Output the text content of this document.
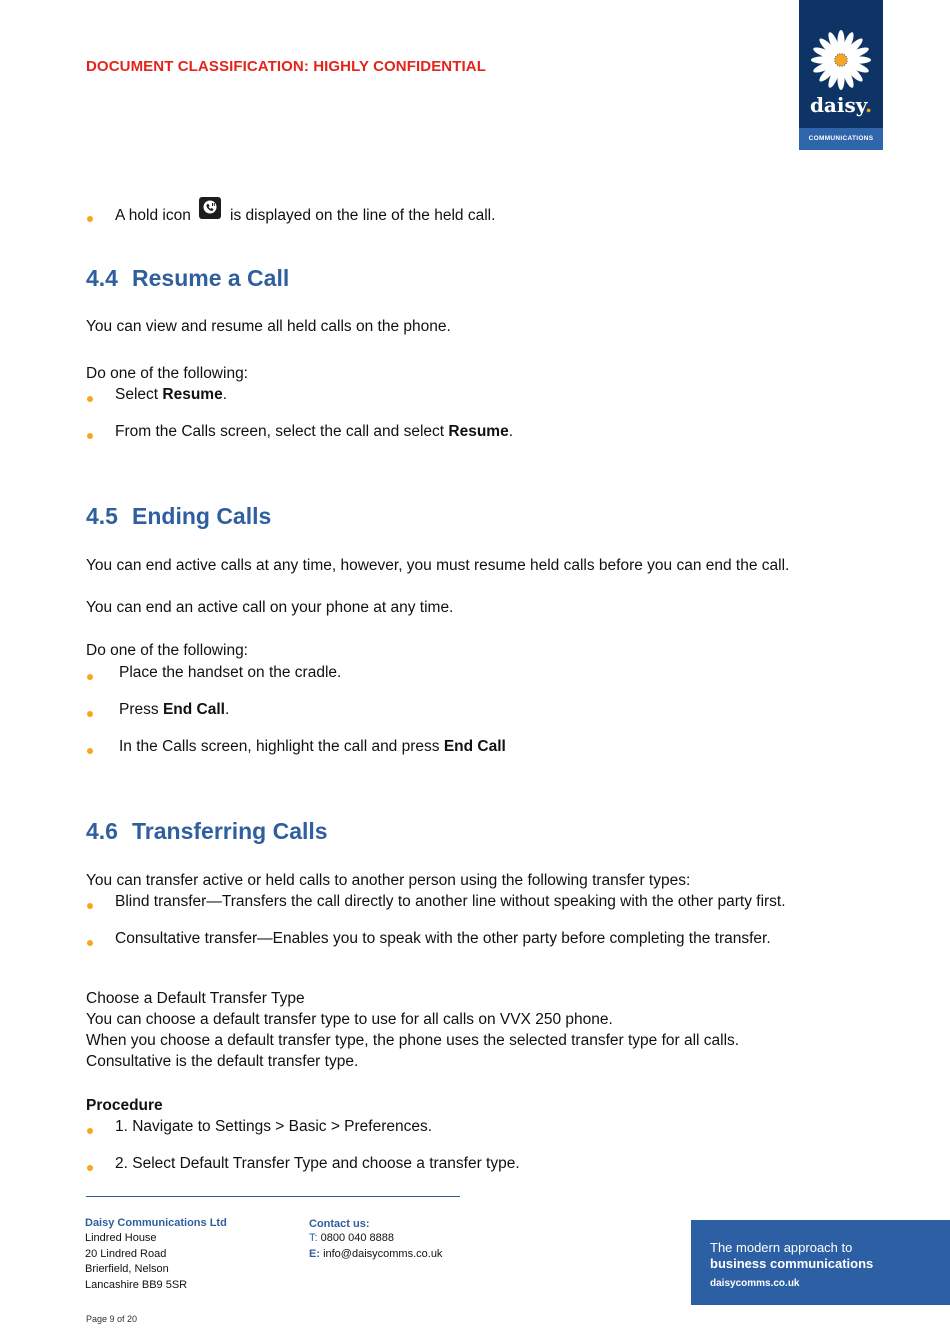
DOCUMENT CLASSIFICATION: HIGHLY CONFIDENTIAL
daisy.
COMMUNICATIONS
A hold icon	is displayed on the line of the held call.
4.4 Resume a Call
You can view and resume all held calls on the phone.
Do one of the following:
Select Resume.
From the Calls screen, select the call and select Resume.
4.5 Ending Calls
You can end active calls at any time, however, you must resume held calls before you can end the call.
You can end an active call on your phone at any time.
Do one of the following:
Place the handset on the cradle.
Press End Call.
In the Calls screen, highlight the call and press End Call
4.6 Transferring Calls
You can transfer active or held calls to another person using the following transfer types:
Blind transfer—Transfers the call directly to another line without speaking with the other party first.
Consultative transfer—Enables you to speak with the other party before completing the transfer.
Choose a Default Transfer Type
You can choose a default transfer type to use for all calls on VVX 250 phone.
When you choose a default transfer type, the phone uses the selected transfer type for all calls.
Consultative is the default transfer type.
Procedure
1. Navigate to Settings > Basic > Preferences.
2. Select Default Transfer Type and choose a transfer type.
Daisy Communications Ltd
Lindred House
20 Lindred Road
Brierfield, Nelson
Lancashire BB9 5SR
Contact us:
T: 0800 040 8888
E: info@daisycomms.co.uk	The modern approach to
business communications
daisycomms.co.uk
Page 9 of 20
